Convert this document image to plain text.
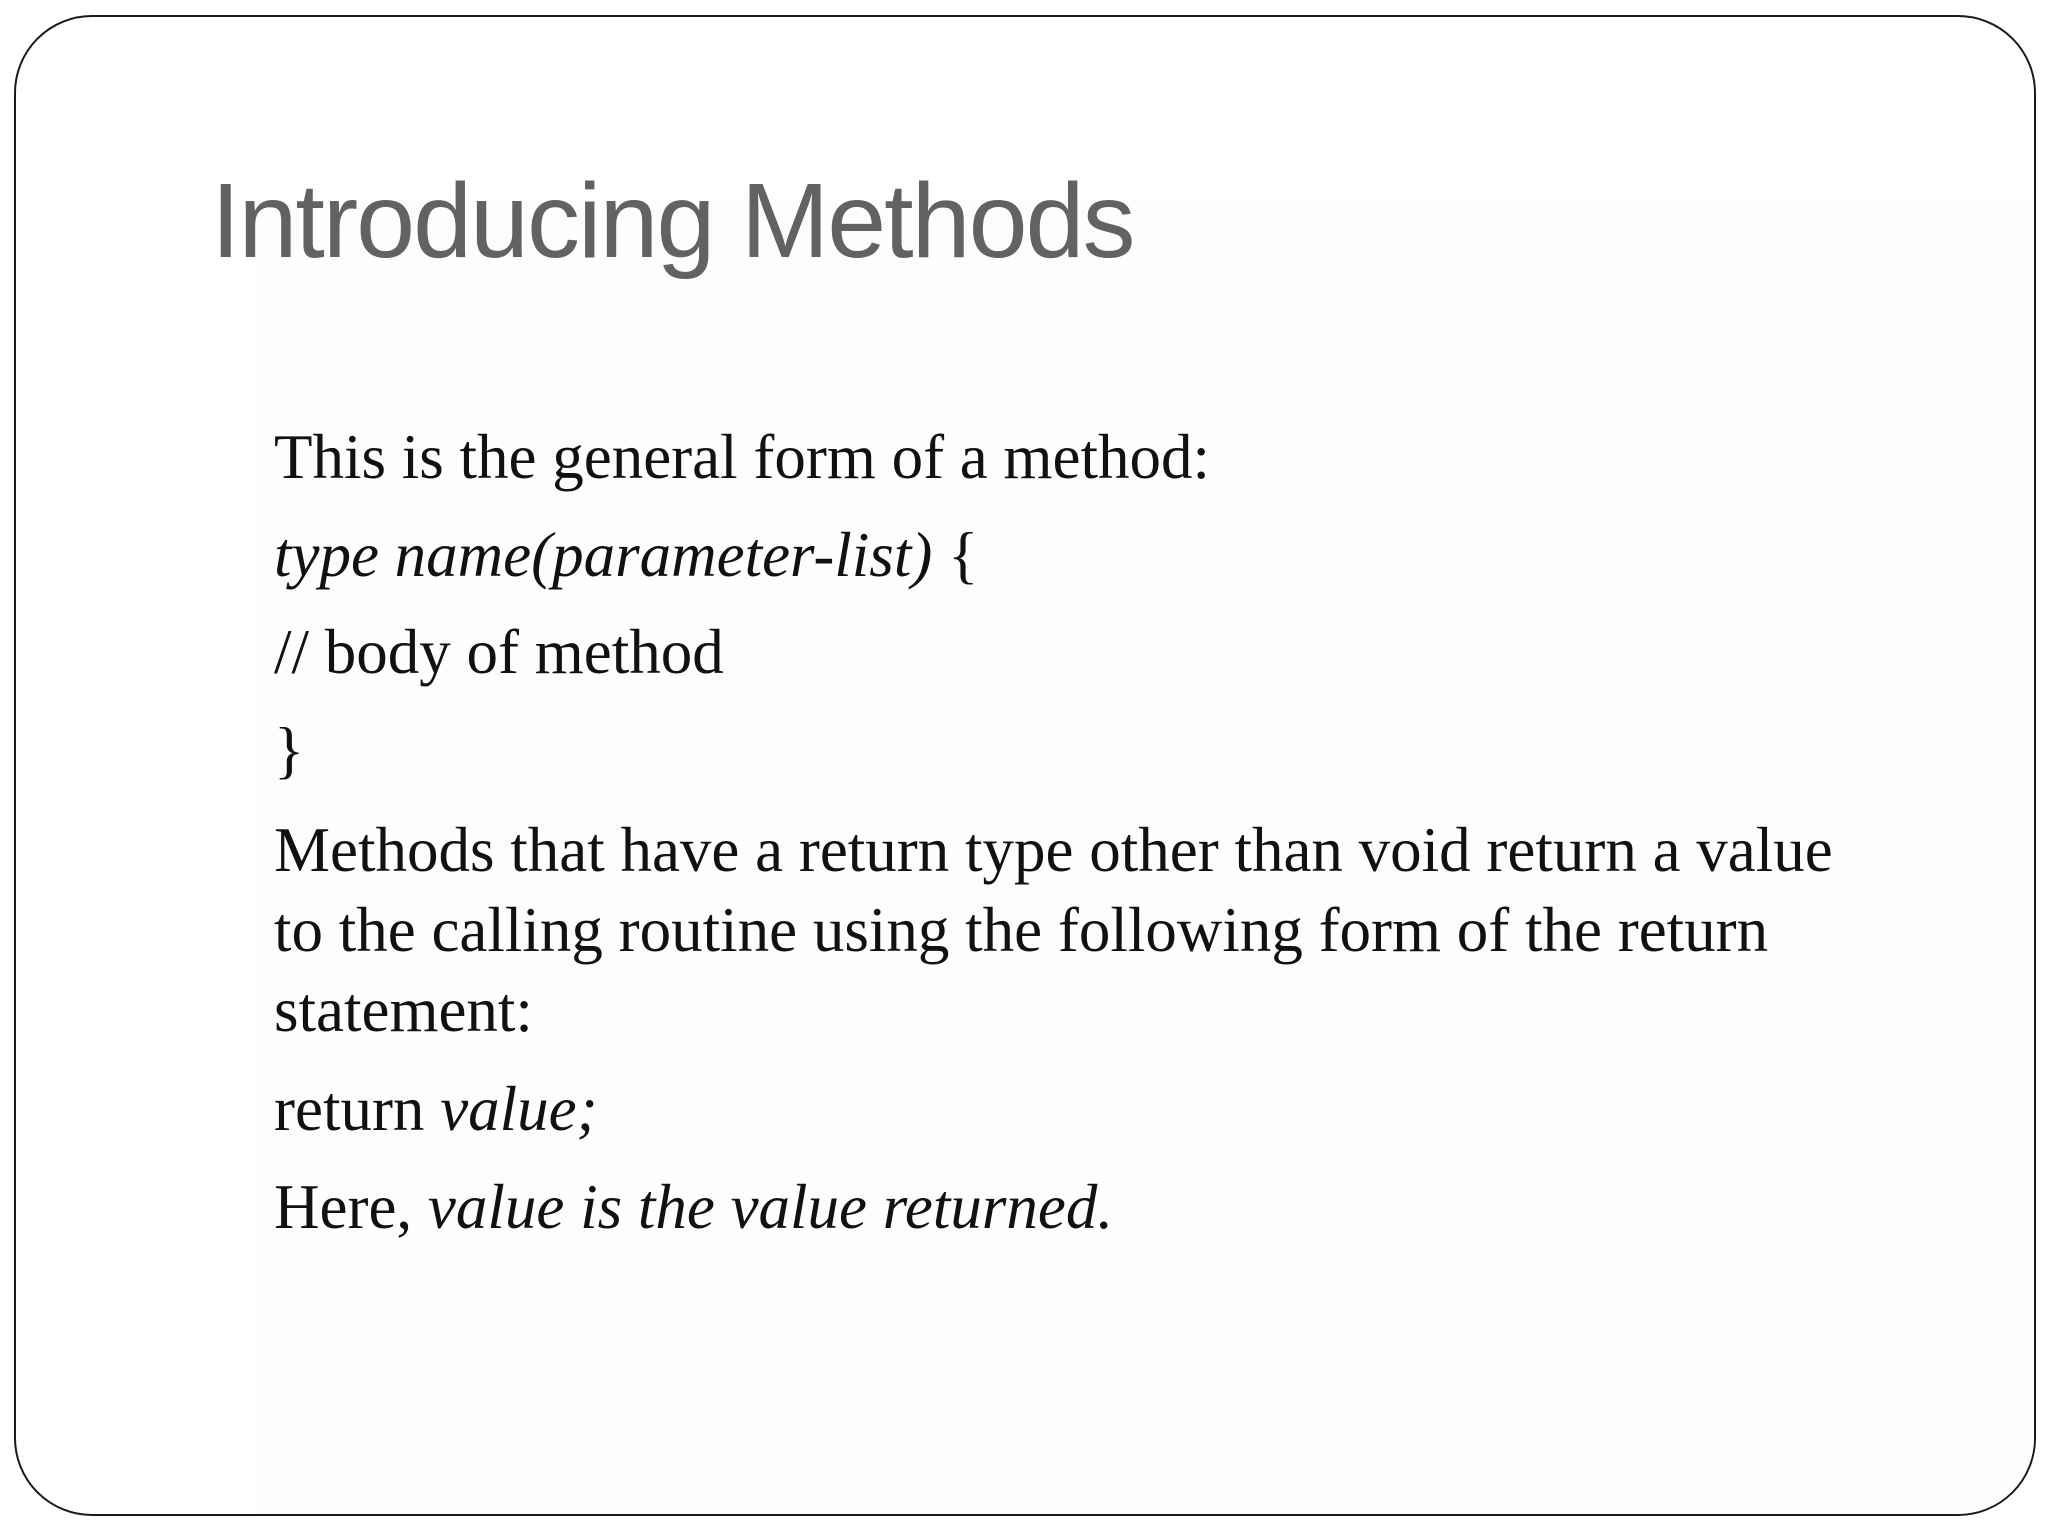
Introducing Methods

This is the general form of a method:

type name(parameter-list) {

// body of method

}

Methods that have a return type other than void return a value to the calling routine using the following form of the return statement:

return value;

Here, value is the value returned.
